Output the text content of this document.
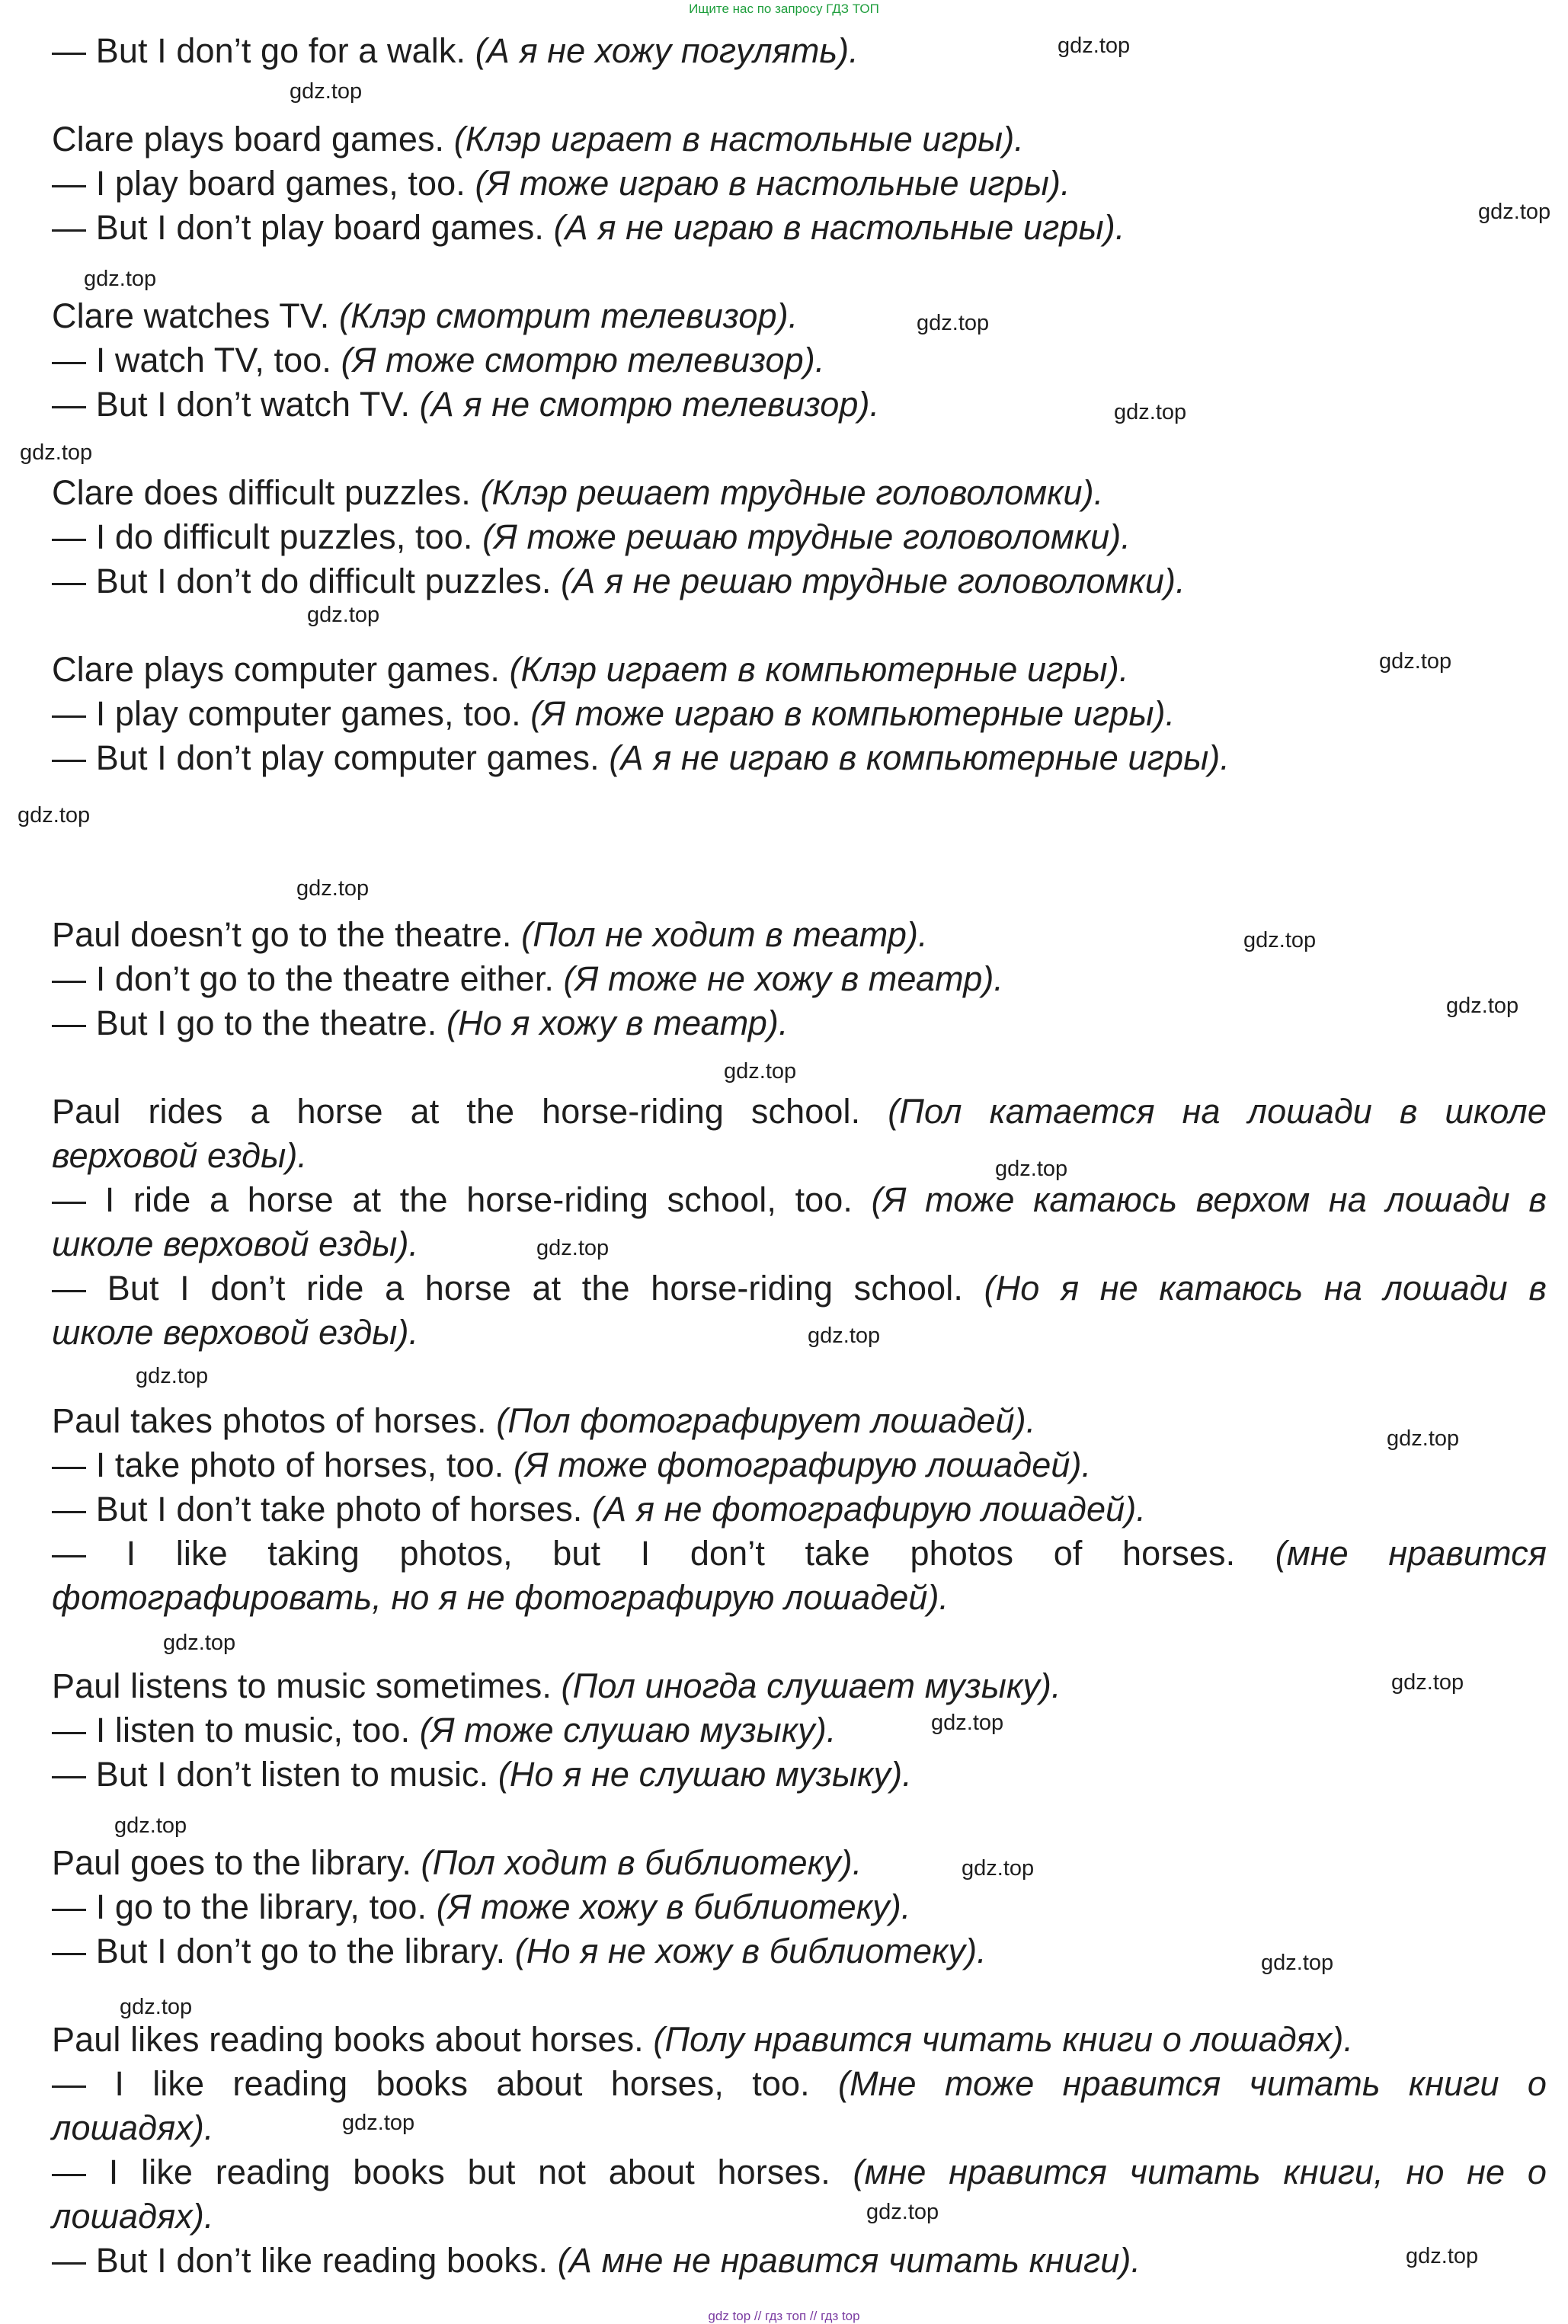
Ищите нас по запросу ГДЗ ТОП
— But I don’t go for a walk. (А я не хожу погулять).
Clare plays board games. (Клэр играет в настольные игры).
— I play board games, too. (Я тоже играю в настольные игры).
— But I don’t play board games. (А я не играю в настольные игры).
Clare watches TV. (Клэр смотрит телевизор).
— I watch TV, too. (Я тоже смотрю телевизор).
— But I don’t watch TV. (А я не смотрю телевизор).
Clare does difficult puzzles. (Клэр решает трудные головоломки).
— I do difficult puzzles, too. (Я тоже решаю трудные головоломки).
— But I don’t do difficult puzzles. (А я не решаю трудные головоломки).
Clare plays computer games. (Клэр играет в компьютерные игры).
— I play computer games, too. (Я тоже играю в компьютерные игры).
— But I don’t play computer games. (А я не играю в компьютерные игры).
Paul doesn’t go to the theatre. (Пол не ходит в театр).
— I don’t go to the theatre either. (Я тоже не хожу в театр).
— But I go to the theatre. (Но я хожу в театр).
Paul rides a horse at the horse-riding school. (Пол катается на лошади в школе
верховой езды).
— I ride a horse at the horse-riding school, too. (Я тоже катаюсь верхом на лошади в
школе верховой езды).
— But I don’t ride a horse at the horse-riding school. (Но я не катаюсь на лошади в
школе верховой езды).
Paul takes photos of horses. (Пол фотографирует лошадей).
— I take photo of horses, too. (Я тоже фотографирую лошадей).
— But I don’t take photo of horses. (А я не фотографирую лошадей).
— I like taking photos, but I don’t take photos of horses. (мне нравится
фотографировать, но я не фотографирую лошадей).
Paul listens to music sometimes. (Пол иногда слушает музыку).
— I listen to music, too. (Я тоже слушаю музыку).
— But I don’t listen to music. (Но я не слушаю музыку).
Paul goes to the library. (Пол ходит в библиотеку).
— I go to the library, too. (Я тоже хожу в библиотеку).
— But I don’t go to the library. (Но я не хожу в библиотеку).
Paul likes reading books about horses. (Полу нравится читать книги о лошадях).
— I like reading books about horses, too. (Мне тоже нравится читать книги о
лошадях).
— I like reading books but not about horses. (мне нравится читать книги, но не о
лошадях).
— But I don’t like reading books. (А мне не нравится читать книги).
gdz.top
gdz.top
gdz.top
gdz.top
gdz.top
gdz.top
gdz.top
gdz.top
gdz.top
gdz.top
gdz.top
gdz.top
gdz.top
gdz.top
gdz.top
gdz.top
gdz.top
gdz.top
gdz.top
gdz.top
gdz.top
gdz.top
gdz.top
gdz.top
gdz.top
gdz.top
gdz.top
gdz.top
gdz.top
gdz top // гдз топ // гдз top
